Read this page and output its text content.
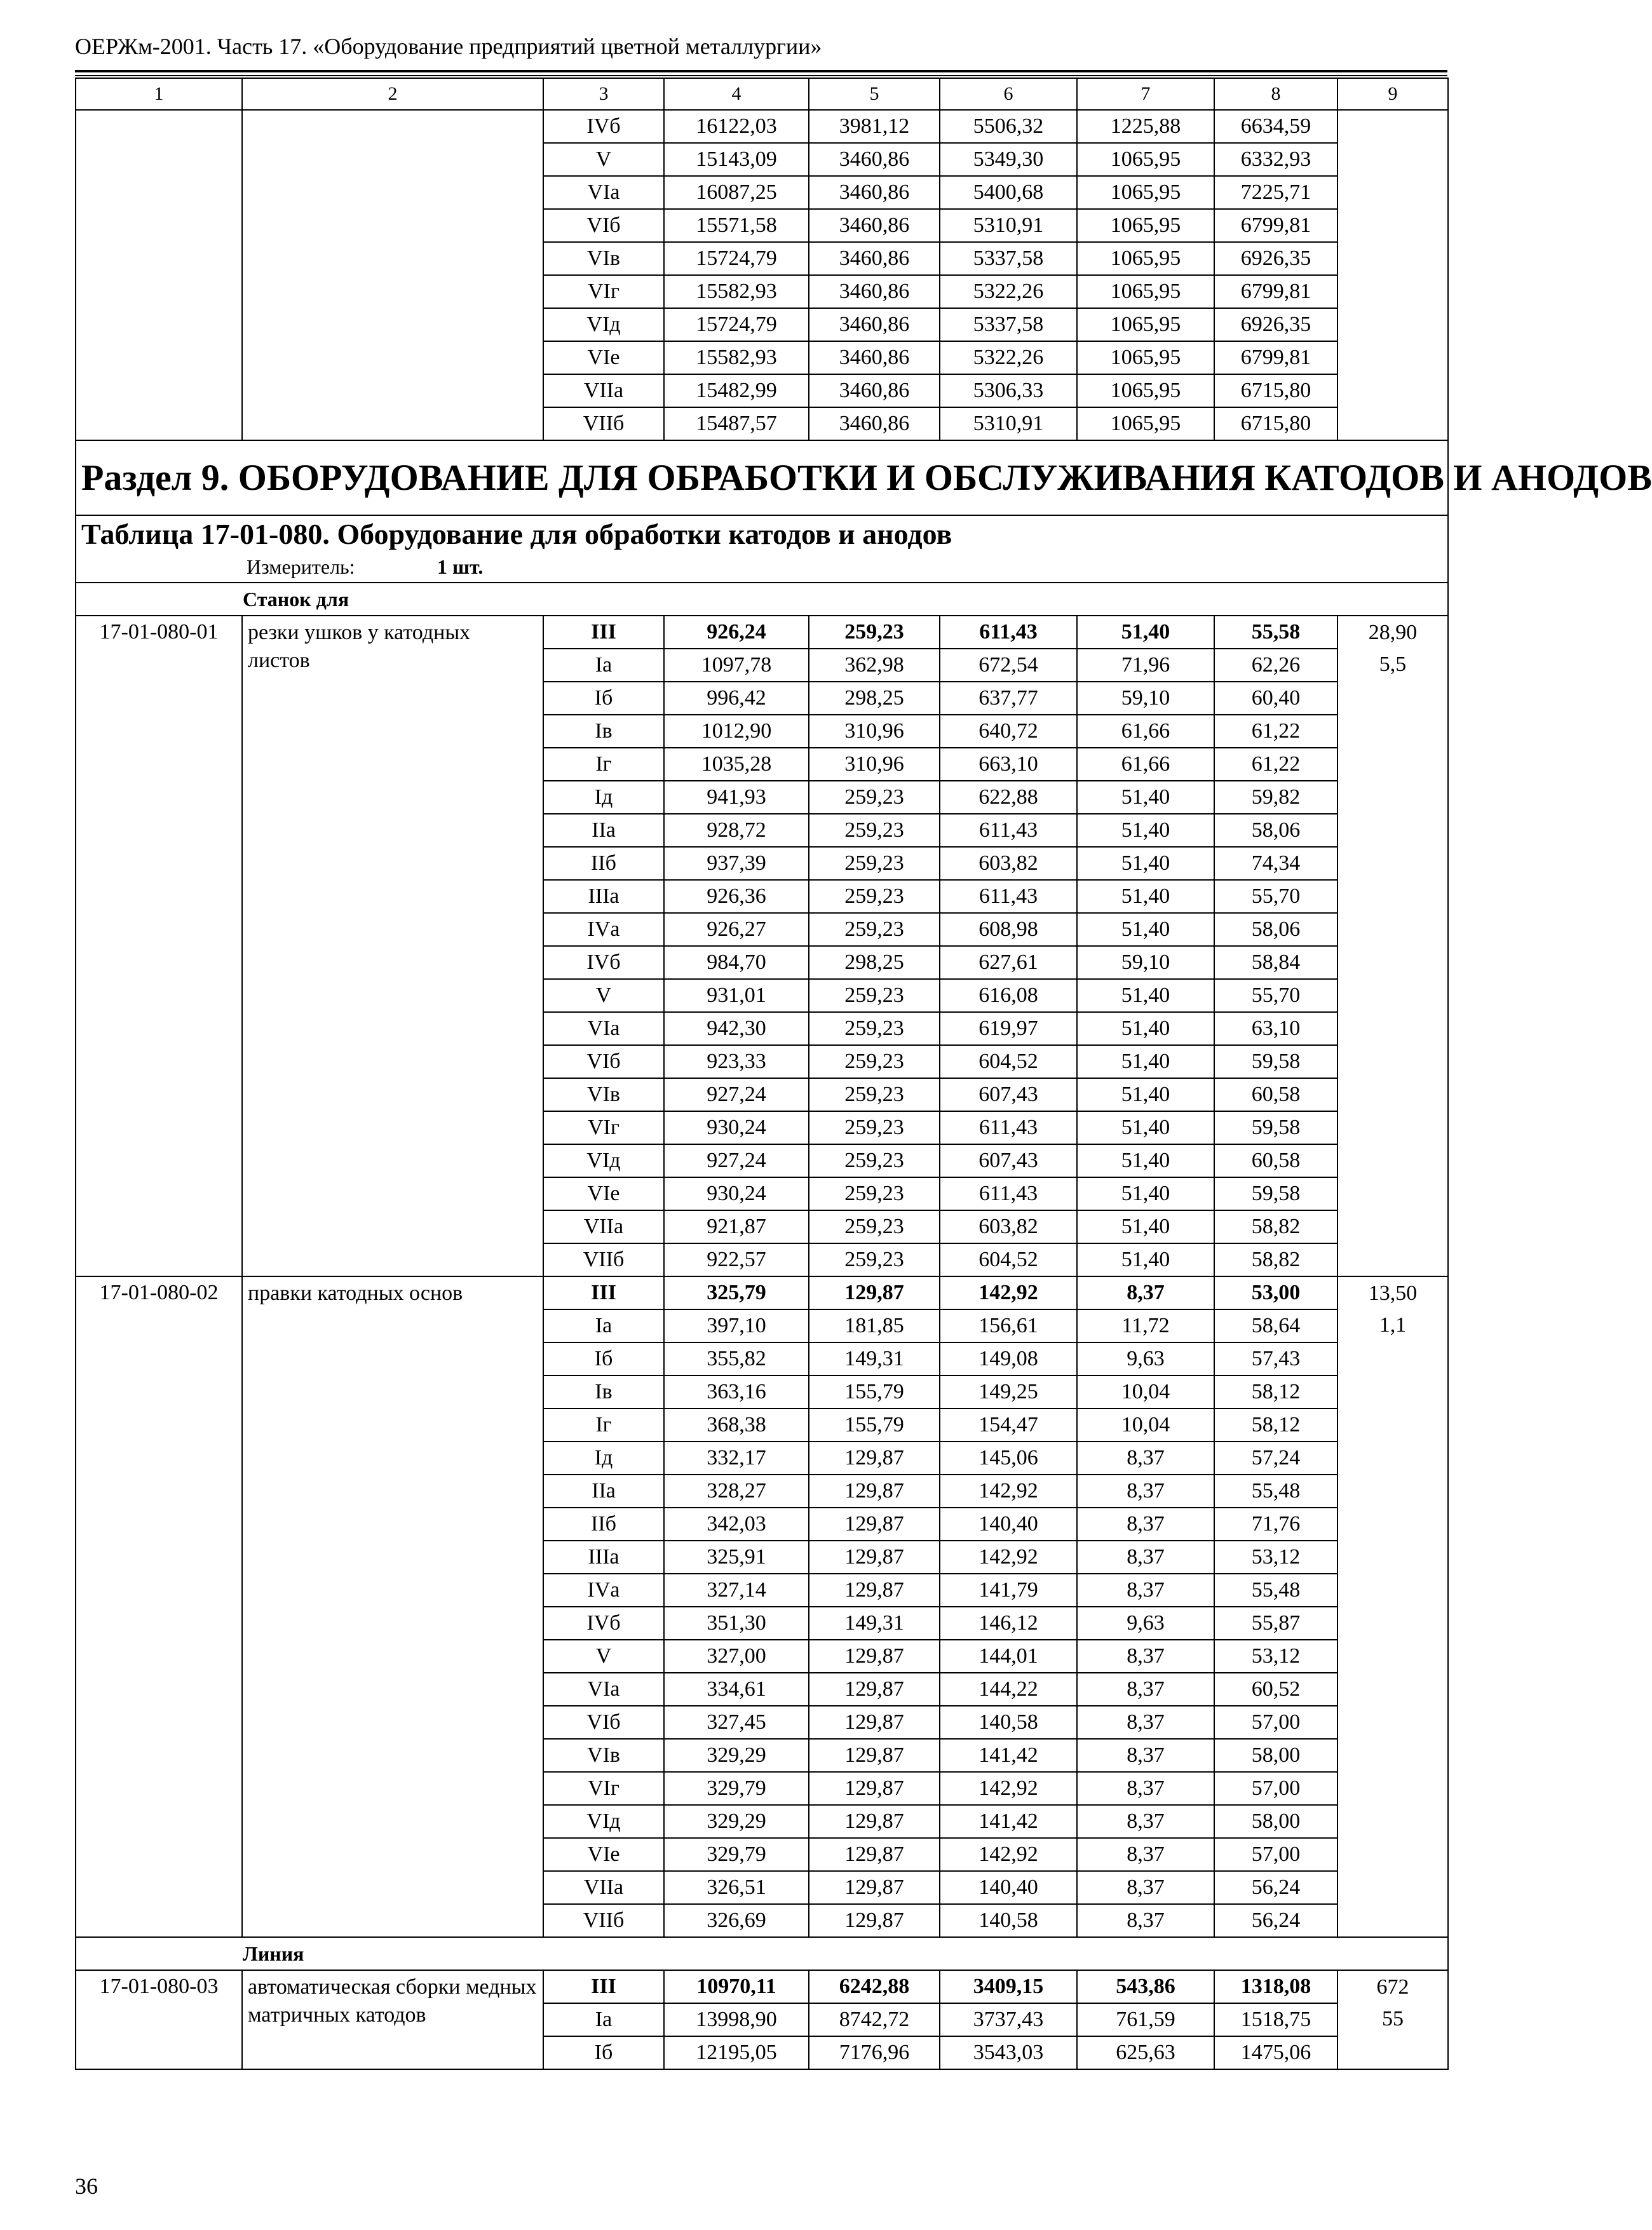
ОЕРЖм-2001. Часть 17. «Оборудование предприятий цветной металлургии»
1	2	3	4	5	6	7	8	9
		IVб	16122,03	3981,12	5506,32	1225,88	6634,59	
		V	15143,09	3460,86	5349,30	1065,95	6332,93	
		VIа	16087,25	3460,86	5400,68	1065,95	7225,71	
		VIб	15571,58	3460,86	5310,91	1065,95	6799,81	
		VIв	15724,79	3460,86	5337,58	1065,95	6926,35	
		VIг	15582,93	3460,86	5322,26	1065,95	6799,81	
		VIд	15724,79	3460,86	5337,58	1065,95	6926,35	
		VIе	15582,93	3460,86	5322,26	1065,95	6799,81	
		VIIа	15482,99	3460,86	5306,33	1065,95	6715,80	
		VIIб	15487,57	3460,86	5310,91	1065,95	6715,80	
Раздел 9. ОБОРУДОВАНИЕ ДЛЯ ОБРАБОТКИ И ОБСЛУЖИВАНИЯ КАТОДОВ И АНОДОВ								
Таблица 17-01-080. Оборудование для обработки катодов и анодов								
Измеритель: 1 шт.								
Станок для								
17-01-080-01	резки ушков у катодных листов	III	926,24	259,23	611,43	51,40	55,58	28,90
		Iа	1097,78	362,98	672,54	71,96	62,26	5,5
		Iб	996,42	298,25	637,77	59,10	60,40	
		Iв	1012,90	310,96	640,72	61,66	61,22	
		Iг	1035,28	310,96	663,10	61,66	61,22	
		Iд	941,93	259,23	622,88	51,40	59,82	
		IIа	928,72	259,23	611,43	51,40	58,06	
		IIб	937,39	259,23	603,82	51,40	74,34	
		IIIа	926,36	259,23	611,43	51,40	55,70	
		IVа	926,27	259,23	608,98	51,40	58,06	
		IVб	984,70	298,25	627,61	59,10	58,84	
		V	931,01	259,23	616,08	51,40	55,70	
		VIа	942,30	259,23	619,97	51,40	63,10	
		VIб	923,33	259,23	604,52	51,40	59,58	
		VIв	927,24	259,23	607,43	51,40	60,58	
		VIг	930,24	259,23	611,43	51,40	59,58	
		VIд	927,24	259,23	607,43	51,40	60,58	
		VIе	930,24	259,23	611,43	51,40	59,58	
		VIIа	921,87	259,23	603,82	51,40	58,82	
		VIIб	922,57	259,23	604,52	51,40	58,82	
17-01-080-02	правки катодных основ	III	325,79	129,87	142,92	8,37	53,00	13,50
		Iа	397,10	181,85	156,61	11,72	58,64	1,1
		Iб	355,82	149,31	149,08	9,63	57,43	
		Iв	363,16	155,79	149,25	10,04	58,12	
		Iг	368,38	155,79	154,47	10,04	58,12	
		Iд	332,17	129,87	145,06	8,37	57,24	
		IIа	328,27	129,87	142,92	8,37	55,48	
		IIб	342,03	129,87	140,40	8,37	71,76	
		IIIа	325,91	129,87	142,92	8,37	53,12	
		IVа	327,14	129,87	141,79	8,37	55,48	
		IVб	351,30	149,31	146,12	9,63	55,87	
		V	327,00	129,87	144,01	8,37	53,12	
		VIа	334,61	129,87	144,22	8,37	60,52	
		VIб	327,45	129,87	140,58	8,37	57,00	
		VIв	329,29	129,87	141,42	8,37	58,00	
		VIг	329,79	129,87	142,92	8,37	57,00	
		VIд	329,29	129,87	141,42	8,37	58,00	
		VIе	329,79	129,87	142,92	8,37	57,00	
		VIIа	326,51	129,87	140,40	8,37	56,24	
		VIIб	326,69	129,87	140,58	8,37	56,24	
Линия								
17-01-080-03	автоматическая сборки медных матричных катодов	III	10970,11	6242,88	3409,15	543,86	1318,08	672
		Iа	13998,90	8742,72	3737,43	761,59	1518,75	55
		Iб	12195,05	7176,96	3543,03	625,63	1475,06	
36
